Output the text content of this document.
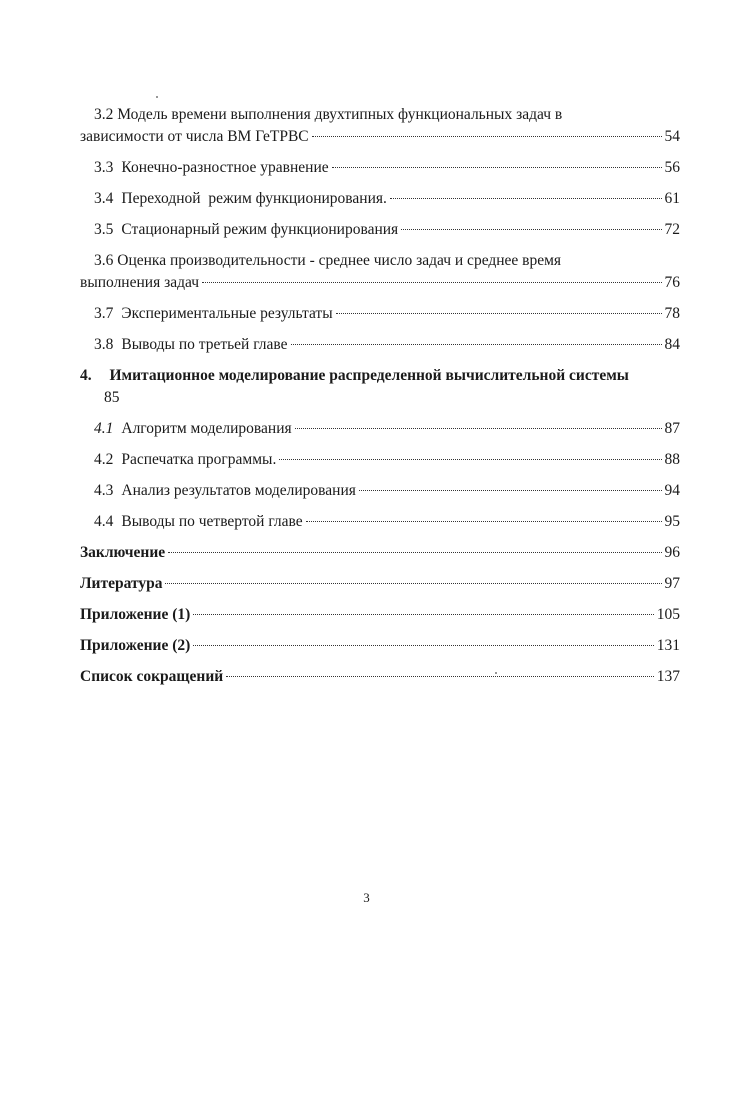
3.2 Модель времени выполнения двухтипных функциональных задач в
зависимости от числа ВМ ГеТРВС	54
3.3 Конечно-разностное уравнение	56
3.4 Переходной  режим функционирования.	61
3.5 Стационарный режим функционирования	72
3.6 Оценка производительности - среднее число задач и среднее время
выполнения задач	76
3.7 Экспериментальные результаты	78
3.8 Выводы по третьей главе	84
4. Имитационное моделирование распределенной вычислительной системы
85
4.1 Алгоритм моделирования	87
4.2 Распечатка программы.	88
4.3 Анализ результатов моделирования	94
4.4 Выводы по четвертой главе	95
Заключение	96
Литература	97
Приложение (1)	105
Приложение (2)	131
Список сокращений	137
3
